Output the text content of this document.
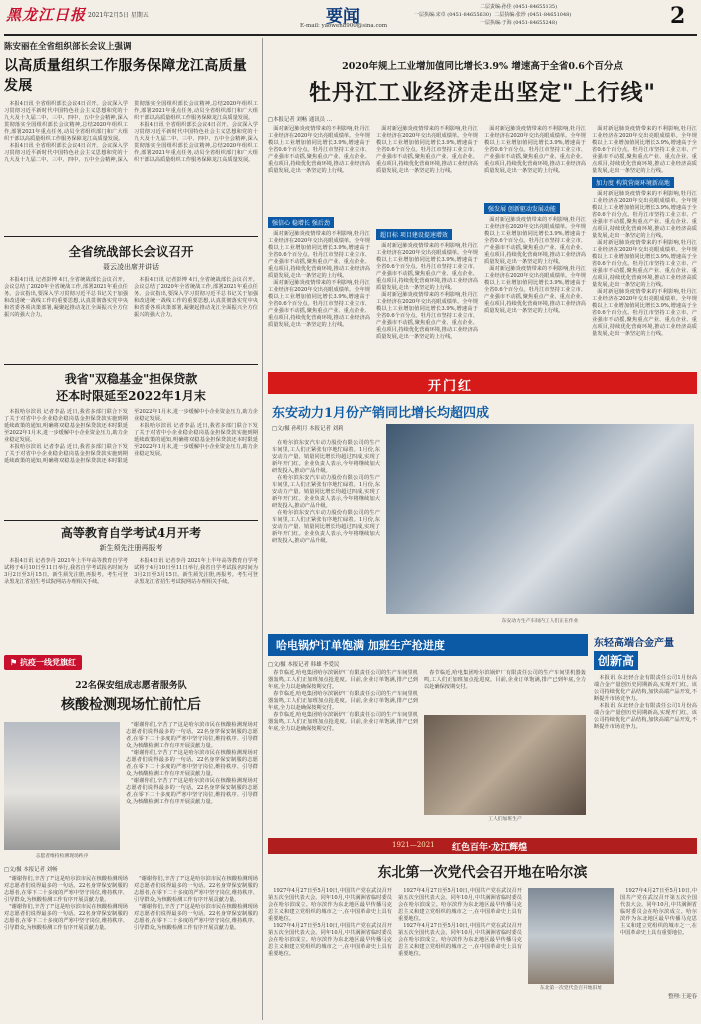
黑龙江日报 2021年2月5日 星期五	要闻
E-mail: yaowen8900@sina.com
二层责编:孙佳 (0451-84655135)
一层执编:宋卓 (0451-84655630) 二层执编:张珍 (0451-84651048)
一层执编:于海 (0451-84655248)	2
陈安丽在全省组织部长会议上强调
以高质量组织工作服务保障龙江高质量发展

本报4日讯 全省组织部长会议4日召开。会议深入学习贯彻习近平新时代中国特色社会主义思想和党的十九大及十九届二中、三中、四中、五中全会精神,深入贯彻落实全国组织部长会议精神,总结2020年组织工作,部署2021年重点任务,动员全省组织部门和广大组织干部以高质量组织工作服务保障龙江高质量发展。

本报4日讯 全省组织部长会议4日召开。会议深入学习贯彻习近平新时代中国特色社会主义思想和党的十九大及十九届二中、三中、四中、五中全会精神,深入贯彻落实全国组织部长会议精神,总结2020年组织工作,部署2021年重点任务,动员全省组织部门和广大组织干部以高质量组织工作服务保障龙江高质量发展。

本报4日讯 全省组织部长会议4日召开。会议深入学习贯彻习近平新时代中国特色社会主义思想和党的十九大及十九届二中、三中、四中、五中全会精神,深入贯彻落实全国组织部长会议精神,总结2020年组织工作,部署2021年重点任务,动员全省组织部门和广大组织干部以高质量组织工作服务保障龙江高质量发展。

全省统战部长会议召开
聂云凌出席并讲话

本报4日讯 记者彭博 4日,全省统战部长会议召开。会议总结了2020年全省统战工作,部署2021年重点任务。会议指出,要深入学习贯彻习近平总书记关于加强和改进统一战线工作的重要思想,认真贯彻落实党中央和省委各项决策部署,凝聚起推动龙江全面振兴全方位振兴的强大合力。

本报4日讯 记者彭博 4日,全省统战部长会议召开。会议总结了2020年全省统战工作,部署2021年重点任务。会议指出,要深入学习贯彻习近平总书记关于加强和改进统一战线工作的重要思想,认真贯彻落实党中央和省委各项决策部署,凝聚起推动龙江全面振兴全方位振兴的强大合力。

我省"双稳基金"担保贷款
还本时限延至2022年1月末

本报哈尔滨讯 记者李晶 近日,我省多部门联合下发了关于对省中小企业稳企稳岗基金担保贷款实施到期延续政策的通知,明确将双稳基金担保贷款还本时限延至2022年1月末,进一步缓解中小企业资金压力,助力企业稳定发展。

本报哈尔滨讯 记者李晶 近日,我省多部门联合下发了关于对省中小企业稳企稳岗基金担保贷款实施到期延续政策的通知,明确将双稳基金担保贷款还本时限延至2022年1月末,进一步缓解中小企业资金压力,助力企业稳定发展。

本报哈尔滨讯 记者李晶 近日,我省多部门联合下发了关于对省中小企业稳企稳岗基金担保贷款实施到期延续政策的通知,明确将双稳基金担保贷款还本时限延至2022年1月末,进一步缓解中小企业资金压力,助力企业稳定发展。

高等教育自学考试4月开考
新生须先注册再报考

本报4日讯 记者李丹 2021年上半年高等教育自学考试将于4月10日至11日举行,我省自学考试报名时间为3月2日至3月15日。新生须先注册,再报考。考生可登录黑龙江省招生考试院网站办理相关手续。

本报4日讯 记者李丹 2021年上半年高等教育自学考试将于4月10日至11日举行,我省自学考试报名时间为3月2日至3月15日。新生须先注册,再报考。考生可登录黑龙江省招生考试院网站办理相关手续。

⚑ 抗疫一线党旗红
22名保安组成志愿者服务队
核酸检测现场忙前忙后
志愿者维持检测现场秩序
□文/摄 本报记者 刘畅

"谢谢你们,辛苦了!"这是哈尔滨市民在核酸检测现场对志愿者们说得最多的一句话。22名身穿保安制服的志愿者,在零下二十多度的严寒中坚守岗位,维持秩序、引导群众,为核酸检测工作有序开展贡献力量。

"谢谢你们,辛苦了!"这是哈尔滨市民在核酸检测现场对志愿者们说得最多的一句话。22名身穿保安制服的志愿者,在零下二十多度的严寒中坚守岗位,维持秩序、引导群众,为核酸检测工作有序开展贡献力量。

"谢谢你们,辛苦了!"这是哈尔滨市民在核酸检测现场对志愿者们说得最多的一句话。22名身穿保安制服的志愿者,在零下二十多度的严寒中坚守岗位,维持秩序、引导群众,为核酸检测工作有序开展贡献力量。

"谢谢你们,辛苦了!"这是哈尔滨市民在核酸检测现场对志愿者们说得最多的一句话。22名身穿保安制服的志愿者,在零下二十多度的严寒中坚守岗位,维持秩序、引导群众,为核酸检测工作有序开展贡献力量。

"谢谢你们,辛苦了!"这是哈尔滨市民在核酸检测现场对志愿者们说得最多的一句话。22名身穿保安制服的志愿者,在零下二十多度的严寒中坚守岗位,维持秩序、引导群众,为核酸检测工作有序开展贡献力量。

"谢谢你们,辛苦了!"这是哈尔滨市民在核酸检测现场对志愿者们说得最多的一句话。22名身穿保安制服的志愿者,在零下二十多度的严寒中坚守岗位,维持秩序、引导群众,为核酸检测工作有序开展贡献力量。

"谢谢你们,辛苦了!"这是哈尔滨市民在核酸检测现场对志愿者们说得最多的一句话。22名身穿保安制服的志愿者,在零下二十多度的严寒中坚守岗位,维持秩序、引导群众,为核酸检测工作有序开展贡献力量。

2020年规上工业增加值同比增长3.9% 增速高于全省0.6个百分点
牡丹江工业经济走出坚定"上行线"
□本报记者 刘畅 通讯员 …

面对新冠肺炎疫情带来的不利影响,牡丹江工业经济在2020年交出亮眼成绩单。全年规模以上工业增加值同比增长3.9%,增速高于全省0.6个百分点。牡丹江市坚持工业立市、产业强市不动摇,聚焦重点产业、重点企业、重点项目,持续优化营商环境,推动工业经济高质量发展,走出一条坚定的上行线。

强信心 稳增长 强后劲

面对新冠肺炎疫情带来的不利影响,牡丹江工业经济在2020年交出亮眼成绩单。全年规模以上工业增加值同比增长3.9%,增速高于全省0.6个百分点。牡丹江市坚持工业立市、产业强市不动摇,聚焦重点产业、重点企业、重点项目,持续优化营商环境,推动工业经济高质量发展,走出一条坚定的上行线。

面对新冠肺炎疫情带来的不利影响,牡丹江工业经济在2020年交出亮眼成绩单。全年规模以上工业增加值同比增长3.9%,增速高于全省0.6个百分点。牡丹江市坚持工业立市、产业强市不动摇,聚焦重点产业、重点企业、重点项目,持续优化营商环境,推动工业经济高质量发展,走出一条坚定的上行线。

面对新冠肺炎疫情带来的不利影响,牡丹江工业经济在2020年交出亮眼成绩单。全年规模以上工业增加值同比增长3.9%,增速高于全省0.6个百分点。牡丹江市坚持工业立市、产业强市不动摇,聚焦重点产业、重点企业、重点项目,持续优化营商环境,推动工业经济高质量发展,走出一条坚定的上行线。

超目标 项目建设提速增效

面对新冠肺炎疫情带来的不利影响,牡丹江工业经济在2020年交出亮眼成绩单。全年规模以上工业增加值同比增长3.9%,增速高于全省0.6个百分点。牡丹江市坚持工业立市、产业强市不动摇,聚焦重点产业、重点企业、重点项目,持续优化营商环境,推动工业经济高质量发展,走出一条坚定的上行线。

面对新冠肺炎疫情带来的不利影响,牡丹江工业经济在2020年交出亮眼成绩单。全年规模以上工业增加值同比增长3.9%,增速高于全省0.6个百分点。牡丹江市坚持工业立市、产业强市不动摇,聚焦重点产业、重点企业、重点项目,持续优化营商环境,推动工业经济高质量发展,走出一条坚定的上行线。

面对新冠肺炎疫情带来的不利影响,牡丹江工业经济在2020年交出亮眼成绩单。全年规模以上工业增加值同比增长3.9%,增速高于全省0.6个百分点。牡丹江市坚持工业立市、产业强市不动摇,聚焦重点产业、重点企业、重点项目,持续优化营商环境,推动工业经济高质量发展,走出一条坚定的上行线。

强发展 创新驱动发展动能

面对新冠肺炎疫情带来的不利影响,牡丹江工业经济在2020年交出亮眼成绩单。全年规模以上工业增加值同比增长3.9%,增速高于全省0.6个百分点。牡丹江市坚持工业立市、产业强市不动摇,聚焦重点产业、重点企业、重点项目,持续优化营商环境,推动工业经济高质量发展,走出一条坚定的上行线。

面对新冠肺炎疫情带来的不利影响,牡丹江工业经济在2020年交出亮眼成绩单。全年规模以上工业增加值同比增长3.9%,增速高于全省0.6个百分点。牡丹江市坚持工业立市、产业强市不动摇,聚焦重点产业、重点企业、重点项目,持续优化营商环境,推动工业经济高质量发展,走出一条坚定的上行线。

面对新冠肺炎疫情带来的不利影响,牡丹江工业经济在2020年交出亮眼成绩单。全年规模以上工业增加值同比增长3.9%,增速高于全省0.6个百分点。牡丹江市坚持工业立市、产业强市不动摇,聚焦重点产业、重点企业、重点项目,持续优化营商环境,推动工业经济高质量发展,走出一条坚定的上行线。

加力度 构筑营商环境新高地

面对新冠肺炎疫情带来的不利影响,牡丹江工业经济在2020年交出亮眼成绩单。全年规模以上工业增加值同比增长3.9%,增速高于全省0.6个百分点。牡丹江市坚持工业立市、产业强市不动摇,聚焦重点产业、重点企业、重点项目,持续优化营商环境,推动工业经济高质量发展,走出一条坚定的上行线。

面对新冠肺炎疫情带来的不利影响,牡丹江工业经济在2020年交出亮眼成绩单。全年规模以上工业增加值同比增长3.9%,增速高于全省0.6个百分点。牡丹江市坚持工业立市、产业强市不动摇,聚焦重点产业、重点企业、重点项目,持续优化营商环境,推动工业经济高质量发展,走出一条坚定的上行线。

面对新冠肺炎疫情带来的不利影响,牡丹江工业经济在2020年交出亮眼成绩单。全年规模以上工业增加值同比增长3.9%,增速高于全省0.6个百分点。牡丹江市坚持工业立市、产业强市不动摇,聚焦重点产业、重点企业、重点项目,持续优化营商环境,推动工业经济高质量发展,走出一条坚定的上行线。

开门红
东安动力1月份产销同比增长均超四成
□文/摄 孙明月 本报记者 刘莉

在哈尔滨东安汽车动力股份有限公司的生产车间里,工人们正紧张有序地忙碌着。1月份,东安动力产量、销量同比增长均超过四成,实现了新年开门红。企业负责人表示,今年将继续加大研发投入,推动产品升级。

在哈尔滨东安汽车动力股份有限公司的生产车间里,工人们正紧张有序地忙碌着。1月份,东安动力产量、销量同比增长均超过四成,实现了新年开门红。企业负责人表示,今年将继续加大研发投入,推动产品升级。

在哈尔滨东安汽车动力股份有限公司的生产车间里,工人们正紧张有序地忙碌着。1月份,东安动力产量、销量同比增长均超过四成,实现了新年开门红。企业负责人表示,今年将继续加大研发投入,推动产品升级。

东安动力生产车间内工人们正在作业
哈电锅炉订单饱满 加班生产抢进度
□文/摄 本报记者 韩雄 李爱民

春节临近,哈电集团哈尔滨锅炉厂有限责任公司的生产车间里机器轰鸣,工人们正加班加点抢进度。目前,企业订单饱满,排产已到年底,全力以赴确保按期交付。

春节临近,哈电集团哈尔滨锅炉厂有限责任公司的生产车间里机器轰鸣,工人们正加班加点抢进度。目前,企业订单饱满,排产已到年底,全力以赴确保按期交付。

春节临近,哈电集团哈尔滨锅炉厂有限责任公司的生产车间里机器轰鸣,工人们正加班加点抢进度。目前,企业订单饱满,排产已到年底,全力以赴确保按期交付。

春节临近,哈电集团哈尔滨锅炉厂有限责任公司的生产车间里机器轰鸣,工人们正加班加点抢进度。目前,企业订单饱满,排产已到年底,全力以赴确保按期交付。

工人们加班生产
东轻高端合金产量
创新高

本报讯 东北轻合金有限责任公司1月份高端合金产量创历史同期新高,实现开门红。该公司持续优化产品结构,加快高端产品开发,不断提升市场竞争力。

本报讯 东北轻合金有限责任公司1月份高端合金产量创历史同期新高,实现开门红。该公司持续优化产品结构,加快高端产品开发,不断提升市场竞争力。

1921—2021 红色百年·龙江辉煌
东北第一次党代会召开地在哈尔滨

1927年4月27日至5月10日,中国共产党在武汉召开第五次全国代表大会。同年10月,中共满洲省临时委员会在哈尔滨成立。哈尔滨作为东北地区最早传播马克思主义和建立党组织的城市之一,在中国革命史上具有重要地位。

1927年4月27日至5月10日,中国共产党在武汉召开第五次全国代表大会。同年10月,中共满洲省临时委员会在哈尔滨成立。哈尔滨作为东北地区最早传播马克思主义和建立党组织的城市之一,在中国革命史上具有重要地位。

1927年4月27日至5月10日,中国共产党在武汉召开第五次全国代表大会。同年10月,中共满洲省临时委员会在哈尔滨成立。哈尔滨作为东北地区最早传播马克思主义和建立党组织的城市之一,在中国革命史上具有重要地位。

1927年4月27日至5月10日,中国共产党在武汉召开第五次全国代表大会。同年10月,中共满洲省临时委员会在哈尔滨成立。哈尔滨作为东北地区最早传播马克思主义和建立党组织的城市之一,在中国革命史上具有重要地位。

东北第一次党代会召开地旧址

1927年4月27日至5月10日,中国共产党在武汉召开第五次全国代表大会。同年10月,中共满洲省临时委员会在哈尔滨成立。哈尔滨作为东北地区最早传播马克思主义和建立党组织的城市之一,在中国革命史上具有重要地位。

整理:王迎春
